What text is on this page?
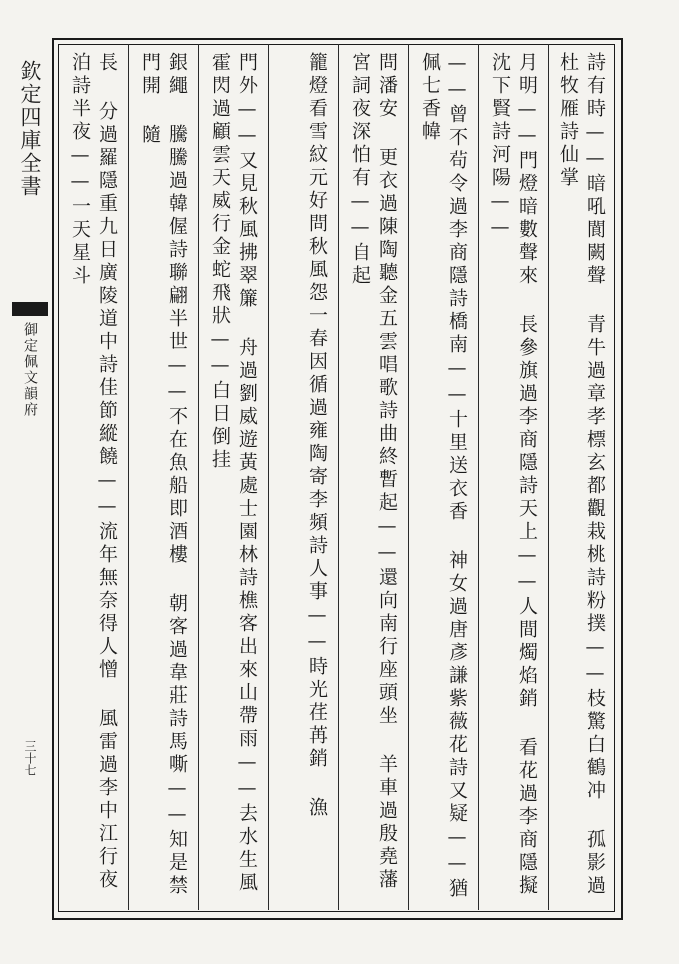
欽定四庫全書
御定佩文韻府
三十七	詩有時——暗吼閬闕聲 青牛過章孝標玄都觀栽桃詩粉撲——枝驚白鶴冲 孤影過杜牧雁詩仙掌
月明——門燈暗數聲來 長參旗過李商隱詩天上——人間燭焰銷 看花過李商隱擬沈下賢詩河陽——
——曾不茍令過李商隱詩橋南——十里送衣香 神女過唐彥謙紫薇花詩又疑——猶佩七香幃
問潘安 更衣過陳陶聽金五雲唱歌詩曲終暫起——還向南行座頭坐 羊車過殷堯藩宮詞夜深怕有——自起
籠燈看雪紋元好問秋風怨一春因循過雍陶寄李頻詩人事——時光荏苒銷 漁
門外——又見秋風拂翠簾 舟過劉威遊黃處士園林詩樵客出來山帶雨——去水生風 霍閃過顧雲天威行金蛇飛狀——白日倒挂
銀繩 騰騰過韓偓詩聯翩半世——不在魚船即酒樓 朝客過韋莊詩馬嘶——知是禁門開 隨
長 分過羅隱重九日廣陵道中詩佳節縱饒——流年無奈得人憎 風雷過李中江行夜泊詩半夜——一天星斗
